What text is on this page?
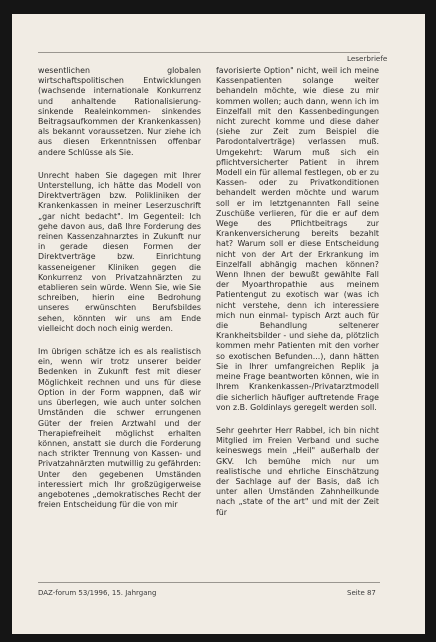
Leserbriefe

wesentlichen globalen wirtschaftspolitischen Entwicklungen (wachsende internationale Konkurrenz und anhaltende Rationalisierung- sinkende Realeinkommen- sinkendes Beitragsaufkommen der Krankenkassen) als bekannt voraussetzen. Nur ziehe ich aus diesen Erkenntnissen offenbar andere Schlüsse als Sie.

Unrecht haben Sie dagegen mit Ihrer Unterstellung, ich hätte das Modell von Direktverträgen bzw. Polikliniken der Krankenkassen in meiner Leserzuschrift „gar nicht bedacht". Im Gegenteil: Ich gehe davon aus, daß Ihre Forderung des reinen Kassenzahnarztes in Zukunft nur in gerade diesen Formen der Direktverträge bzw. Einrichtung kasseneigener Kliniken gegen die Konkurrenz von Privatzahnärzten zu etablieren sein würde. Wenn Sie, wie Sie schreiben, hierin eine Bedrohung unseres erwünschten Berufsbildes sehen, könnten wir uns am Ende vielleicht doch noch einig werden.

Im übrigen schätze ich es als realistisch ein, wenn wir trotz unserer beider Bedenken in Zukunft fest mit dieser Möglichkeit rechnen und uns für diese Option in der Form wappnen, daß wir uns überlegen, wie auch unter solchen Umständen die schwer errungenen Güter der freien Arztwahl und der Therapiefreiheit möglichst erhalten können, anstatt sie durch die Forderung nach strikter Trennung von Kassen- und Privatzahnärzten mutwillig zu gefährden: Unter den gegebenen Umständen interessiert mich Ihr großzügigerweise angebotenes „demokratisches Recht der freien Entscheidung für die von mir

favorisierte Option" nicht, weil ich meine Kassenpatienten solange weiter behandeln möchte, wie diese zu mir kommen wollen; auch dann, wenn ich im Einzelfall mit den Kassenbedingungen nicht zurecht komme und diese daher (siehe zur Zeit zum Beispiel die Parodontalverträge) verlassen muß. Umgekehrt: Warum muß sich ein pflichtversicherter Patient in ihrem Modell ein für allemal festlegen, ob er zu Kassen- oder zu Privatkonditionen behandelt werden möchte und warum soll er im letztgenannten Fall seine Zuschüße verlieren, für die er auf dem Wege des Pflichtbeitrags zur Krankenversicherung bereits bezahlt hat? Warum soll er diese Entscheidung nicht von der Art der Erkrankung im Einzelfall abhängig machen können? Wenn Ihnen der bewußt gewählte Fall der Myoarthropathie aus meinem Patientengut zu exotisch war (was ich nicht verstehe, denn ich interessiere mich nun einmal- typisch Arzt auch für die Behandlung seltenerer Krankheitsbilder - und siehe da, plötzlich kommen mehr Patienten mit den vorher so exotischen Befunden...), dann hätten Sie in Ihrer umfangreichen Replik ja meine Frage beantworten können, wie in Ihrem Krankenkassen-/Privatarztmodell die sicherlich häufiger auftretende Frage von z.B. Goldinlays geregelt werden soll.

Sehr geehrter Herr Rabbel, ich bin nicht Mitglied im Freien Verband und suche keineswegs mein „Heil" außerhalb der GKV. Ich bemühe mich nur um realistische und ehrliche Einschätzung der Sachlage auf der Basis, daß ich unter allen Umständen Zahnheilkunde nach „state of the art" und mit der Zeit für

DAZ-forum 53/1996, 15. Jahrgang	Seite 87
